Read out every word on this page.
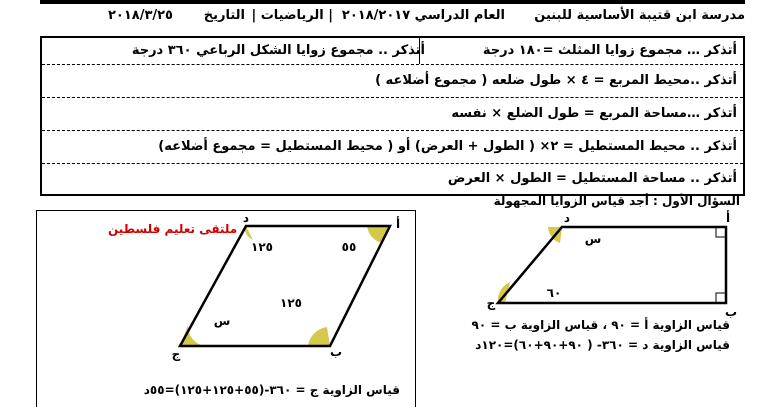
مدرسة ابن قتيبة الأساسية للبنين
العام الدراسي ٢٠١٨/٢٠١٧
| الرياضيات |
التاريخ
٢٠١٨/٣/٢٥
أتذكر … مجموع زوايا المثلث =١٨٠ درجة
أتذكر .. مجموع زوايا الشكل الرباعي ٣٦٠ درجة
أتذكر ..محيط المربع = ٤ × طول ضلعه ( مجموع أضلاعه )
أتذكر …مساحة المربع = طول الضلع × نفسه
أتذكر .. محيط المستطيل = ٢× ( الطول + العرض) أو ( محيط المستطيل = مجموع أضلاعه)
أتذكر .. مساحة المستطيل = الطول × العرض
السؤال الأول : أجد قياس الزوايا المجهولة
ملتقى تعليم فلسطين
د	أ
ج	ب
١٢٥	٥٥
١٢٥
س
د	أ
ج
ب
س
٦٠
قياس الزاوية أ = ٩٠ ، قياس الزاوية ب = ٩٠
قياس الزاوية د = ٣٦٠- ( ٩٠+٩٠+٦٠)=١٢٠د
قياس الزاوية ج = ٣٦٠-(٥٥+١٢٥+١٢٥)=٥٥د
